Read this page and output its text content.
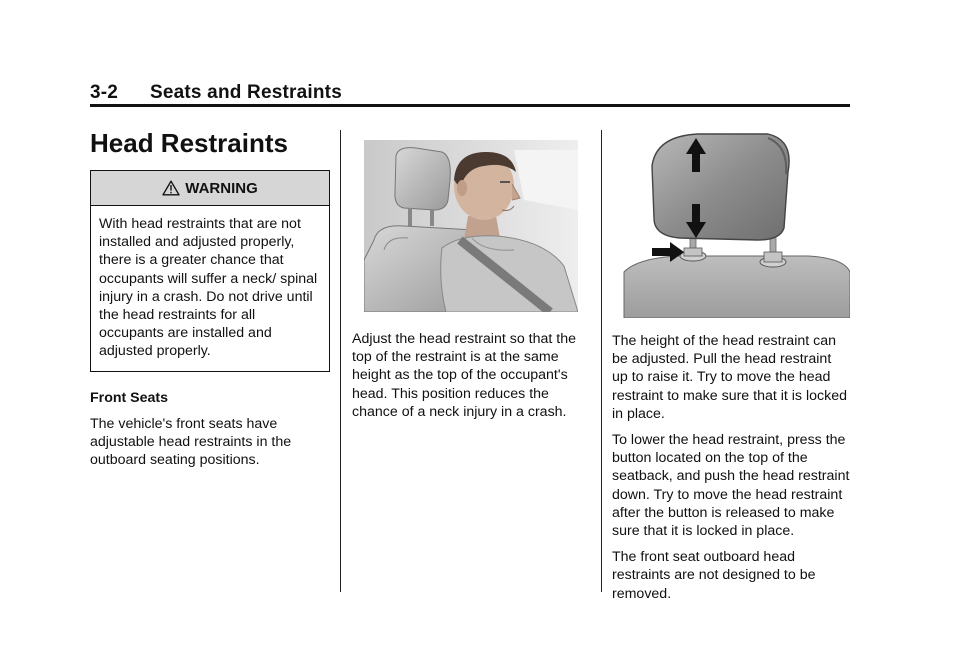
3-2 Seats and Restraints
Head Restraints
WARNING
With head restraints that are not installed and adjusted properly, there is a greater chance that occupants will suffer a neck/ spinal injury in a crash. Do not drive until the head restraints for all occupants are installed and adjusted properly.
Front Seats

The vehicle's front seats have adjustable head restraints in the outboard seating positions.

Adjust the head restraint so that the top of the restraint is at the same height as the top of the occupant's head. This position reduces the chance of a neck injury in a crash.

The height of the head restraint can be adjusted. Pull the head restraint up to raise it. Try to move the head restraint to make sure that it is locked in place.

To lower the head restraint, press the button located on the top of the seatback, and push the head restraint down. Try to move the head restraint after the button is released to make sure that it is locked in place.

The front seat outboard head restraints are not designed to be removed.
